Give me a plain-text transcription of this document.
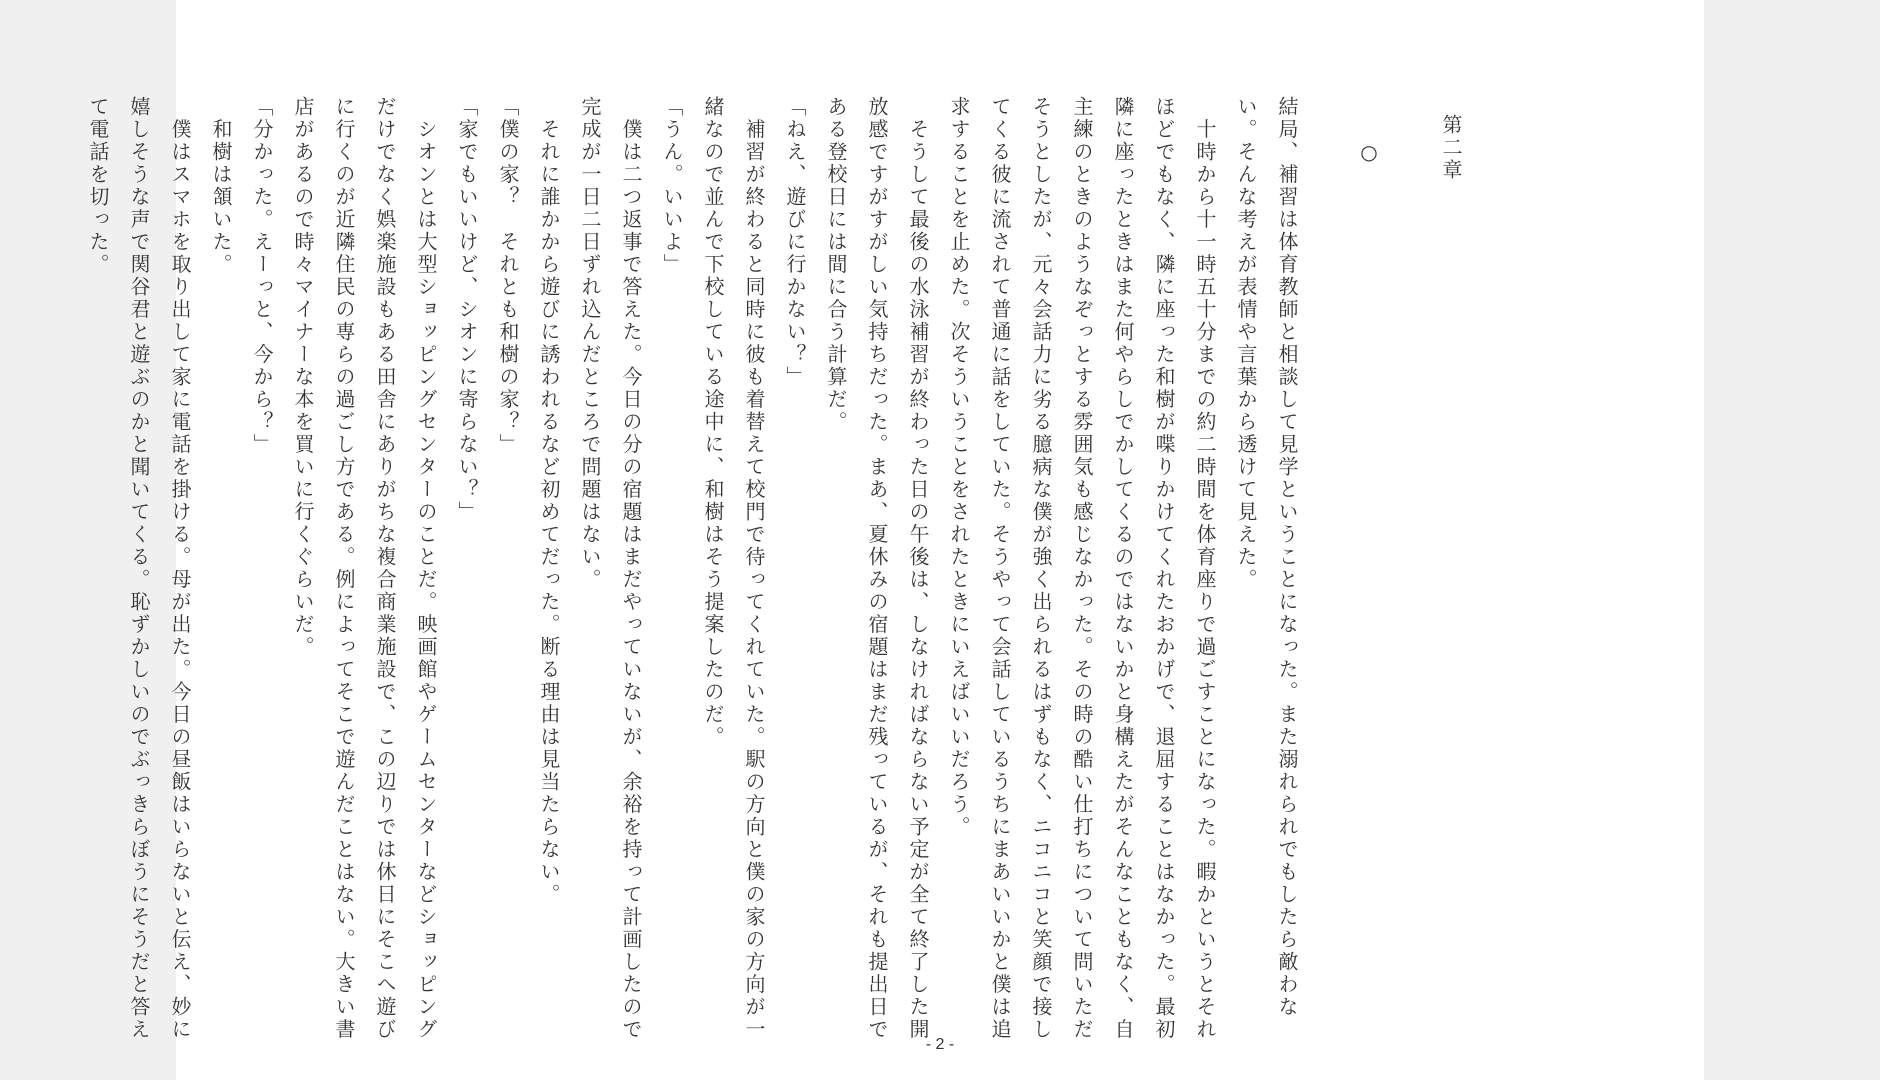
第二章
○
結局、補習は体育教師と相談して見学ということになった。また溺れられでもしたら敵わな
い。そんな考えが表情や言葉から透けて見えた。
　十時から十一時五十分までの約二時間を体育座りで過ごすことになった。暇かというとそれ
ほどでもなく、隣に座った和樹が喋りかけてくれたおかげで、退屈することはなかった。最初
隣に座ったときはまた何やらしでかしてくるのではないかと身構えたがそんなこともなく、自
主練のときのようなぞっとする雰囲気も感じなかった。その時の酷い仕打ちについて問いただ
そうとしたが、元々会話力に劣る臆病な僕が強く出られるはずもなく、ニコニコと笑顔で接し
てくる彼に流されて普通に話をしていた。そうやって会話しているうちにまあいいかと僕は追
求することを止めた。次そういうことをされたときにいえばいいだろう。
　そうして最後の水泳補習が終わった日の午後は、しなければならない予定が全て終了した開
放感ですがすがしい気持ちだった。まあ、夏休みの宿題はまだ残っているが、それも提出日で
ある登校日には間に合う計算だ。
「ねえ、遊びに行かない？」
　補習が終わると同時に彼も着替えて校門で待ってくれていた。駅の方向と僕の家の方向が一
緒なので並んで下校している途中に、和樹はそう提案したのだ。
「うん。いいよ」
　僕は二つ返事で答えた。今日の分の宿題はまだやっていないが、余裕を持って計画したので
完成が一日二日ずれ込んだところで問題はない。
　それに誰かから遊びに誘われるなど初めてだった。断る理由は見当たらない。
「僕の家？　それとも和樹の家？」
「家でもいいけど、シオンに寄らない？」
　シオンとは大型ショッピングセンターのことだ。映画館やゲームセンターなどショッピング
だけでなく娯楽施設もある田舎にありがちな複合商業施設で、この辺りでは休日にそこへ遊び
に行くのが近隣住民の専らの過ごし方である。例によってそこで遊んだことはない。大きい書
店があるので時々マイナーな本を買いに行くぐらいだ。
「分かった。えーっと、今から？」
　和樹は頷いた。
　僕はスマホを取り出して家に電話を掛ける。母が出た。今日の昼飯はいらないと伝え、妙に
嬉しそうな声で関谷君と遊ぶのかと聞いてくる。恥ずかしいのでぶっきらぼうにそうだと答え
て電話を切った。
- 2 -
